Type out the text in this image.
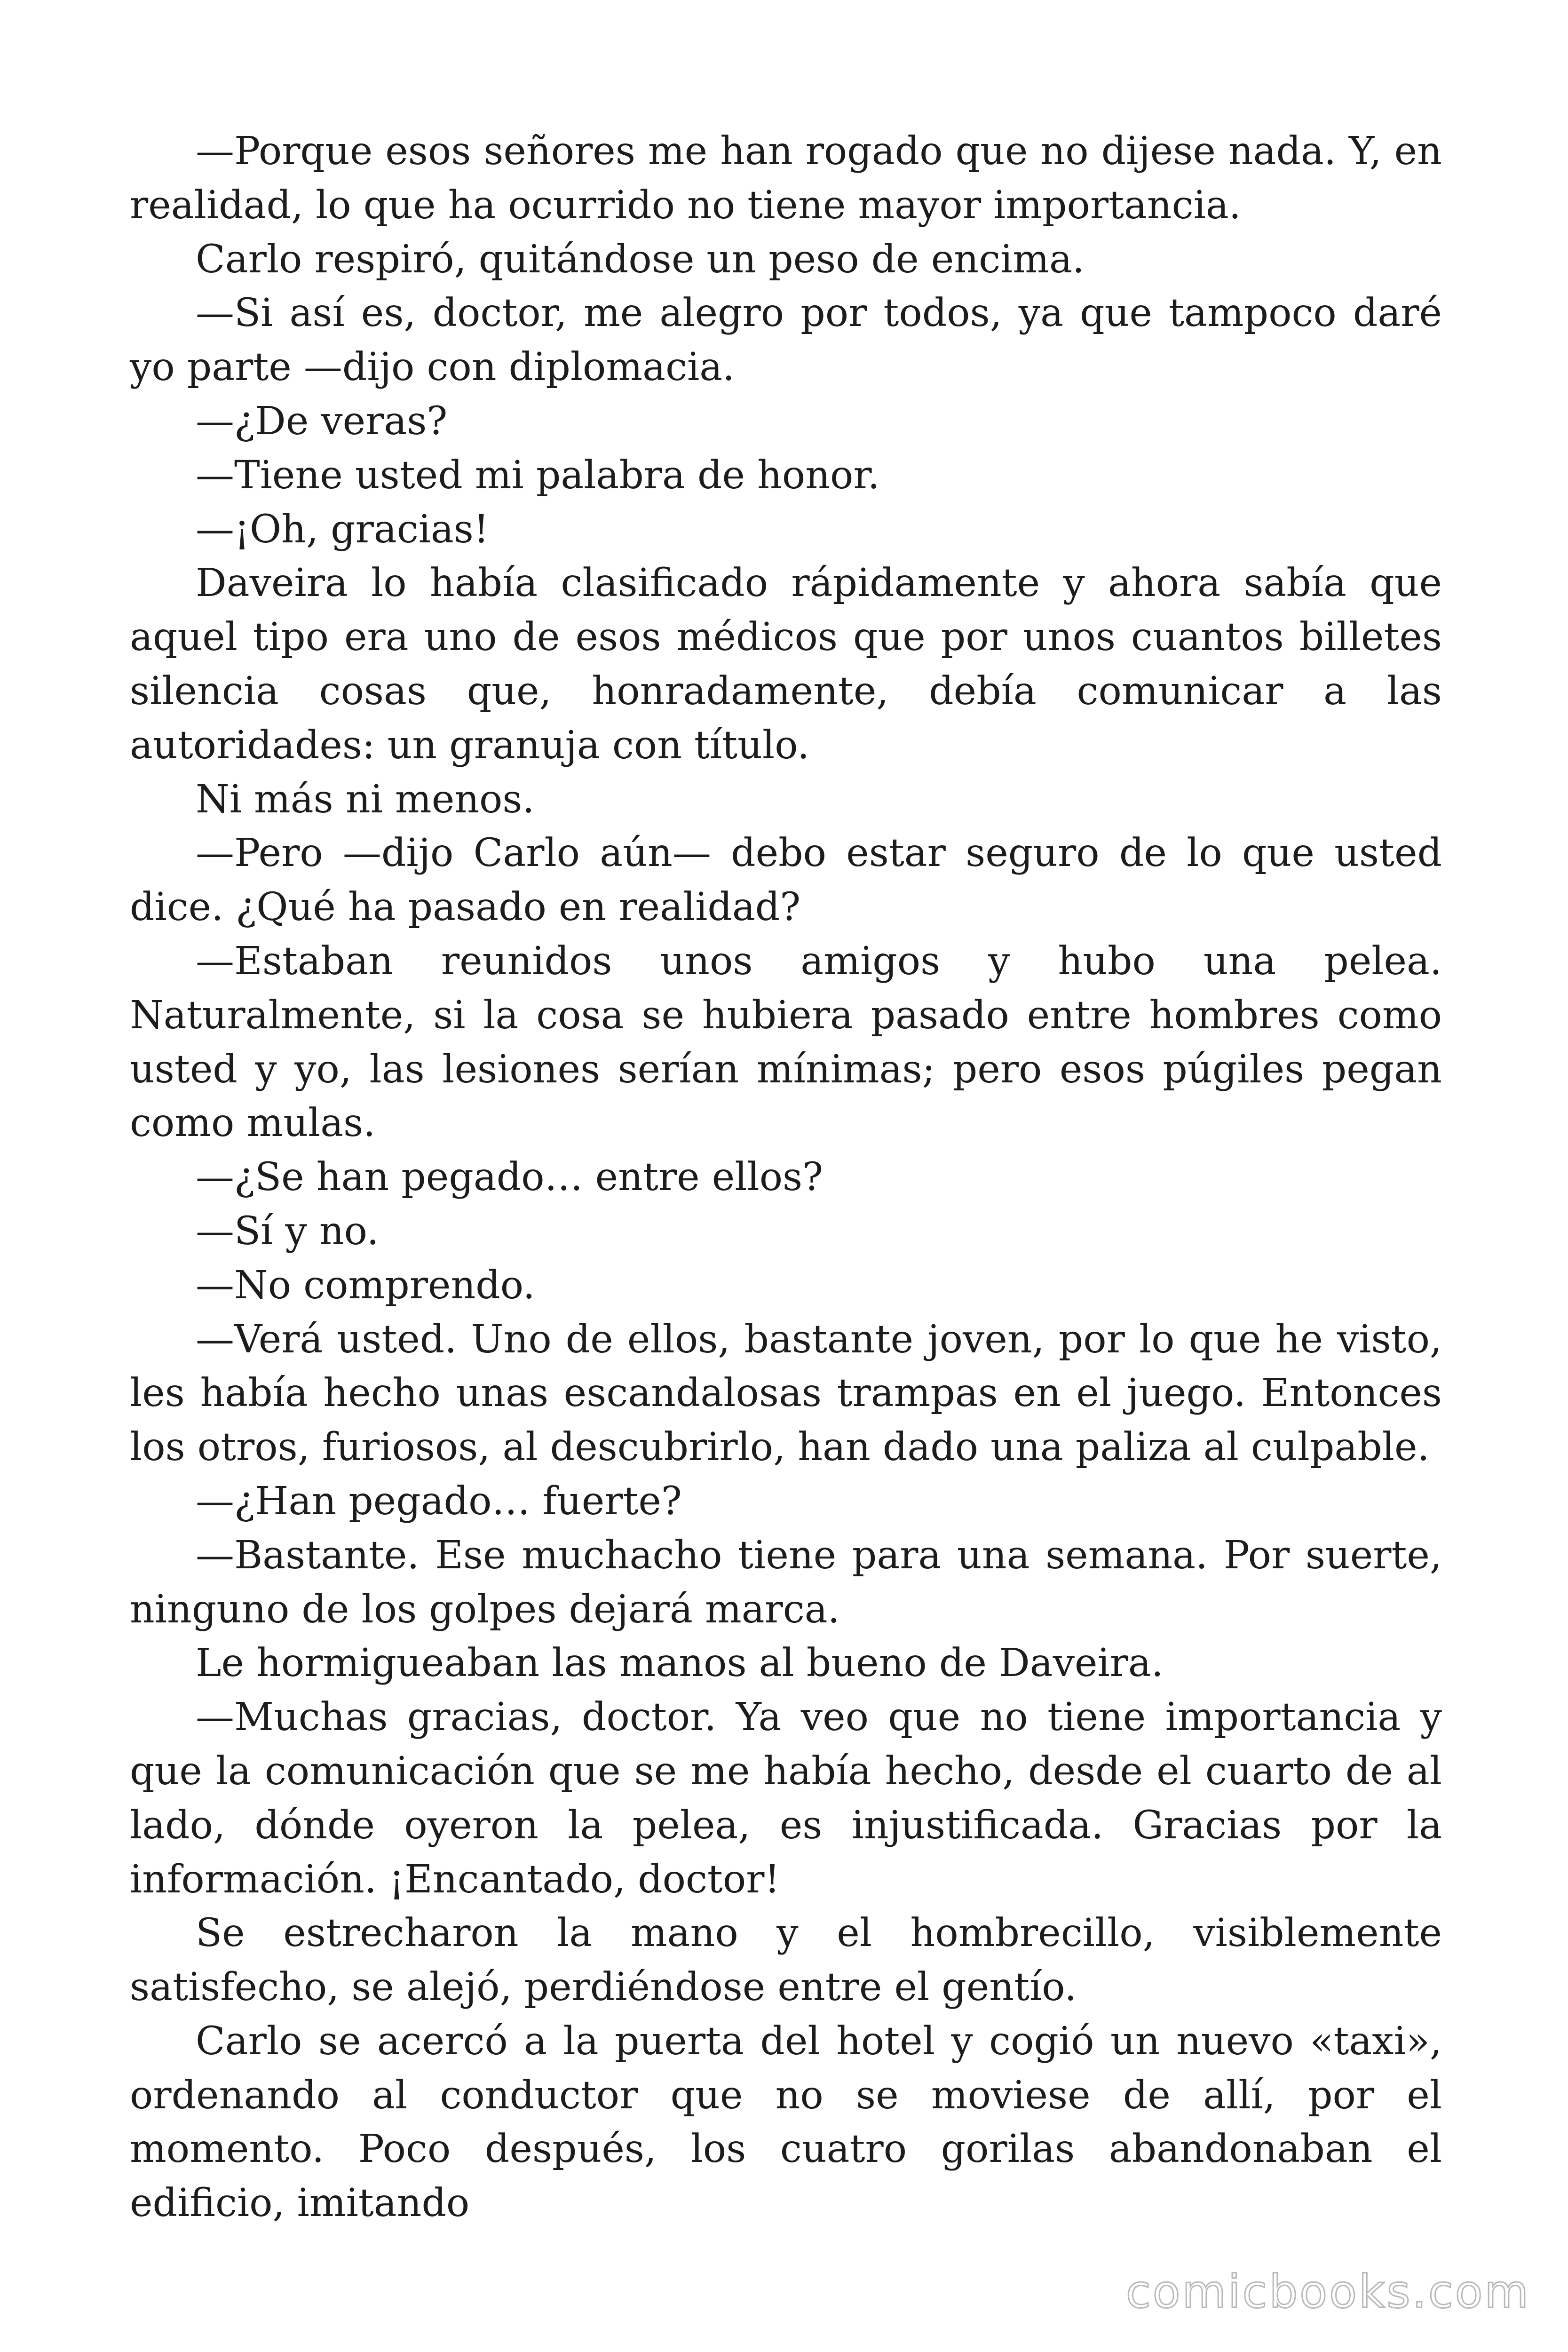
—Porque esos señores me han rogado que no dijese nada. Y, en realidad, lo que ha ocurrido no tiene mayor importancia.

Carlo respiró, quitándose un peso de encima.

—Si así es, doctor, me alegro por todos, ya que tampoco daré yo parte —dijo con diplomacia.

—¿De veras?

—Tiene usted mi palabra de honor.

—¡Oh, gracias!

Daveira lo había clasificado rápidamente y ahora sabía que aquel tipo era uno de esos médicos que por unos cuantos billetes silencia cosas que, honradamente, debía comunicar a las autoridades: un granuja con título.

Ni más ni menos.

—Pero —dijo Carlo aún— debo estar seguro de lo que usted dice. ¿Qué ha pasado en realidad?

—Estaban reunidos unos amigos y hubo una pelea. Naturalmente, si la cosa se hubiera pasado entre hombres como usted y yo, las lesiones serían mínimas; pero esos púgiles pegan como mulas.

—¿Se han pegado… entre ellos?

—Sí y no.

—No comprendo.

—Verá usted. Uno de ellos, bastante joven, por lo que he visto, les había hecho unas escandalosas trampas en el juego. Entonces los otros, furiosos, al descubrirlo, han dado una paliza al culpable.

—¿Han pegado… fuerte?

—Bastante. Ese muchacho tiene para una semana. Por suerte, ninguno de los golpes dejará marca.

Le hormigueaban las manos al bueno de Daveira.

—Muchas gracias, doctor. Ya veo que no tiene importancia y que la comunicación que se me había hecho, desde el cuarto de al lado, dónde oyeron la pelea, es injustificada. Gracias por la información. ¡Encantado, doctor!

Se estrecharon la mano y el hombrecillo, visiblemente satisfecho, se alejó, perdiéndose entre el gentío.

Carlo se acercó a la puerta del hotel y cogió un nuevo «taxi», ordenando al conductor que no se moviese de allí, por el momento. Poco después, los cuatro gorilas abandonaban el edificio, imitando

comicbooks.com
